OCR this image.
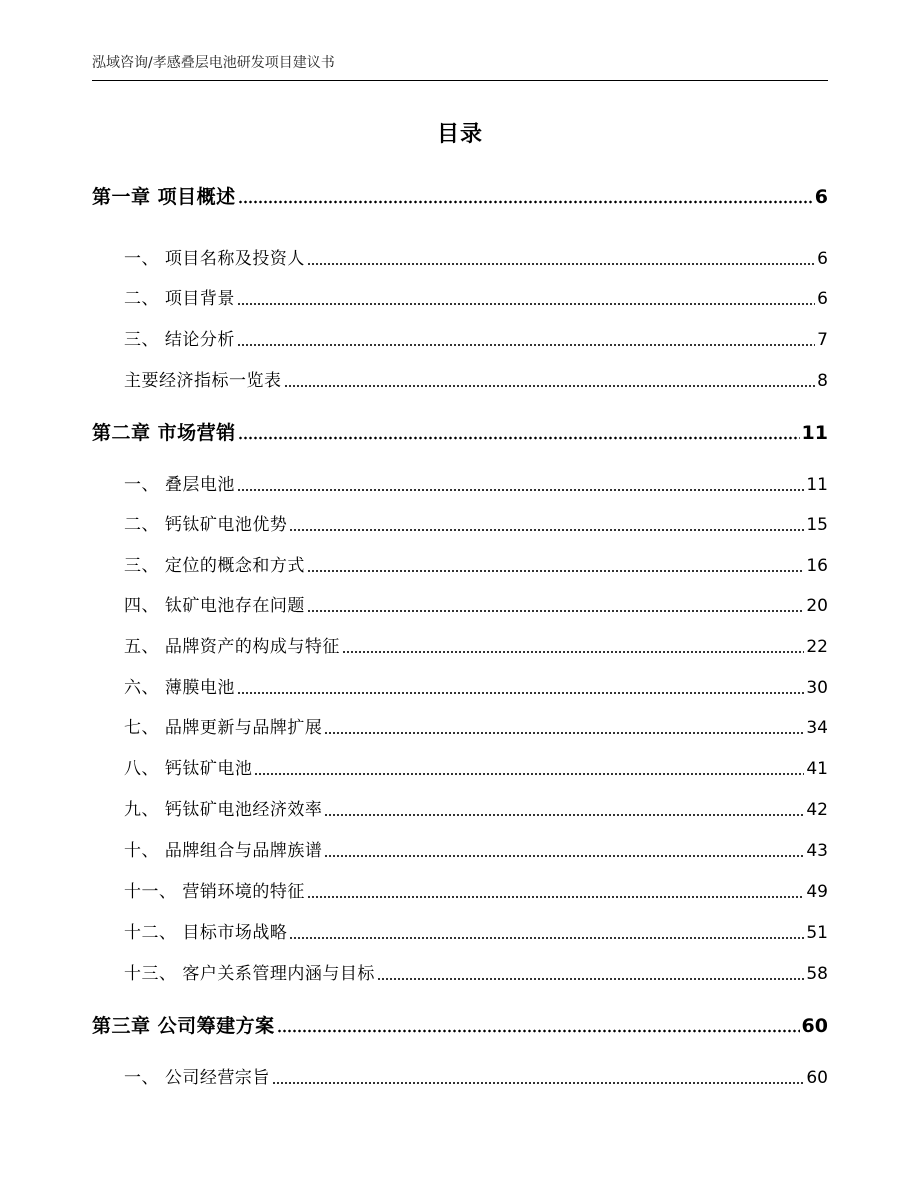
泓域咨询/孝感叠层电池研发项目建议书
目录
第一章 项目概述	6
一、 项目名称及投资人	6
二、 项目背景	6
三、 结论分析	7
主要经济指标一览表	8
第二章 市场营销	11
一、 叠层电池	11
二、 钙钛矿电池优势	15
三、 定位的概念和方式	16
四、 钛矿电池存在问题	20
五、 品牌资产的构成与特征	22
六、 薄膜电池	30
七、 品牌更新与品牌扩展	34
八、 钙钛矿电池	41
九、 钙钛矿电池经济效率	42
十、 品牌组合与品牌族谱	43
十一、 营销环境的特征	49
十二、 目标市场战略	51
十三、 客户关系管理内涵与目标	58
第三章 公司筹建方案	60
一、 公司经营宗旨	60
